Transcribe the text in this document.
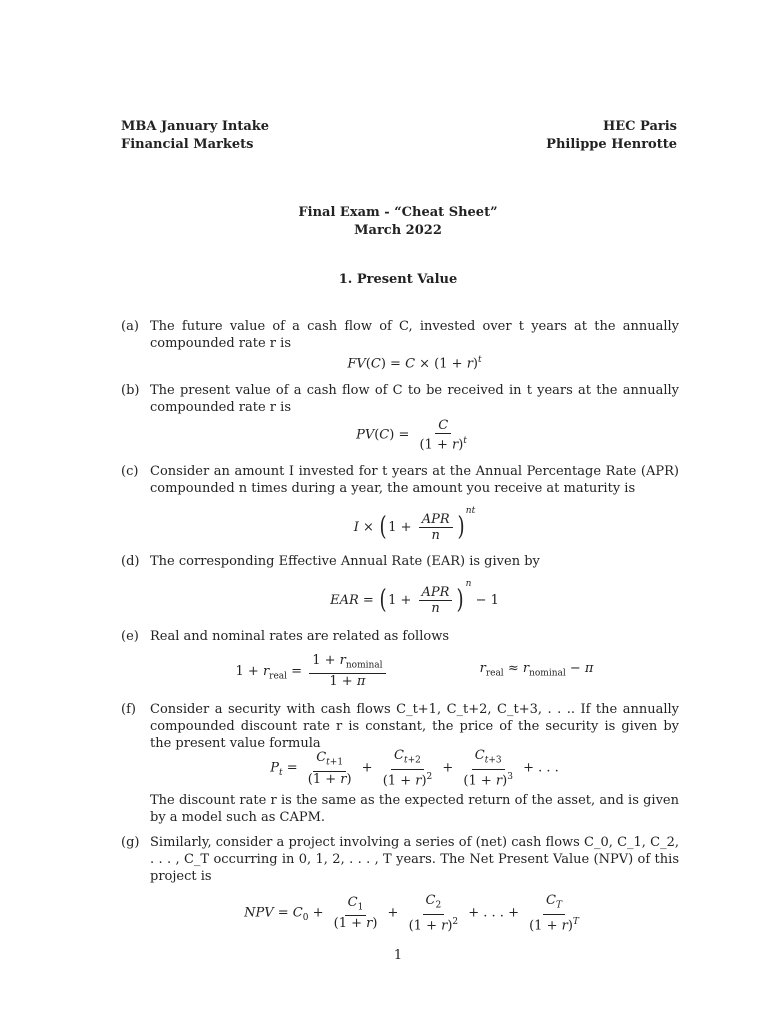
MBA January Intake
Financial Markets
HEC Paris
Philippe Henrotte
Final Exam - “Cheat Sheet”
March 2022
1. Present Value
(a) The future value of a cash flow of C, invested over t years at the annually compounded rate r is
$FV(C) = C \times (1 + r)^t$
(b) The present value of a cash flow of C to be received in t years at the annually compounded rate r is
$PV(C) = \frac{C}{(1 + r)^t}$
(c) Consider an amount I invested for t years at the Annual Percentage Rate (APR) compounded n times during a year, the amount you receive at maturity is
I × ( $1 + \frac{\text{APR}}{n} )^{nt}$
(d) The corresponding Effective Annual Rate (EAR) is given by
EAR = ( $1 + \frac{\text{APR}}{n} )^n - 1$
(e) Real and nominal rates are related as follows
$1 + r_{real} = \frac{1 + r_{nominal}}{1 + \pi}$	$r_{real} \approx r_{nominal} - \pi$
(f) Consider a security with cash flows C_t+1, C_t+2, C_t+3, . . .. If the annually compounded discount rate r is constant, the price of the security is given by the present value formula
$P_t = \frac{C_{t+1}}{(1 + r)} + \frac{C_{t+2}}{(1 + r)^2} + \frac{C_{t+3}}{(1 + r)^3}$ + . . .
The discount rate r is the same as the expected return of the asset, and is given by a model such as CAPM.
(g) Similarly, consider a project involving a series of (net) cash flows C_0, C_1, C_2, . . . , C_T occurring in 0, 1, 2, . . . , T years. The Net Present Value (NPV) of this project is
NPV = $C_0 + \frac{C_1}{(1 + r)} + \frac{C_2}{(1 + r)^2}$ + . . . + $\frac{C_T}{(1 + r)^T}$
1
